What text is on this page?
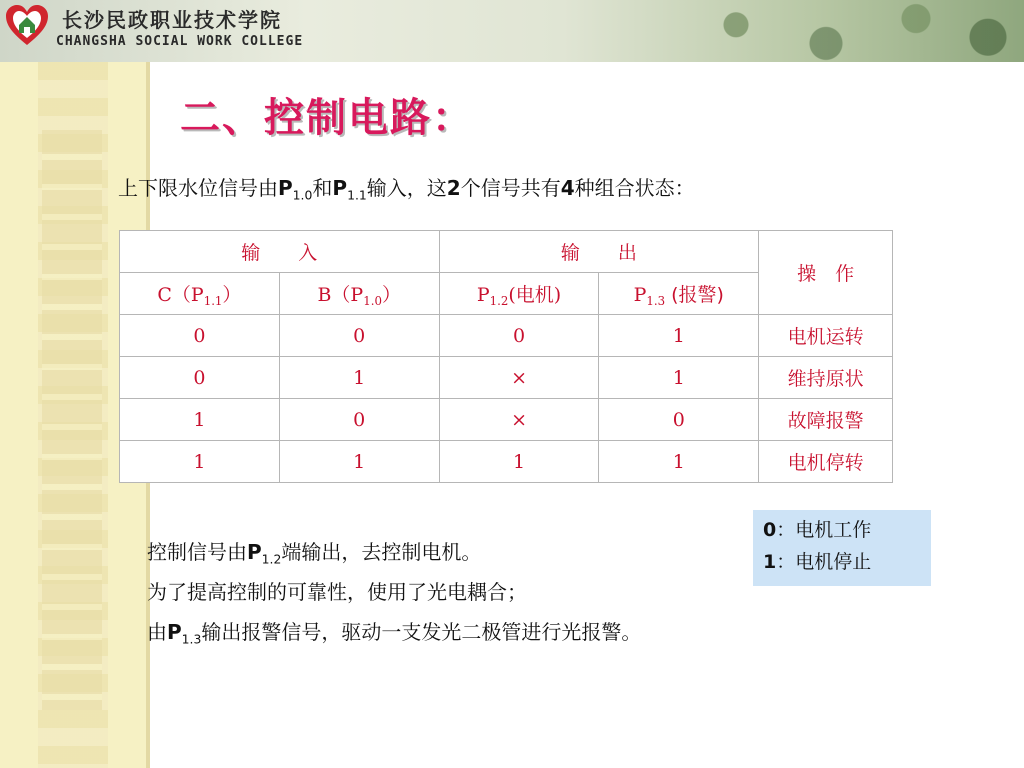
长沙民政职业技术学院
CHANGSHA SOCIAL WORK COLLEGE
二、控制电路：
上下限水位信号由$P_{1.0}$和$P_{1.1}$输入，这2个信号共有4种组合状态：
输　　入		输　　出		操　作
$C(P_{1.1})$	$B(P_{1.0})$	$P_{1.2}$(电机)	$P_{1.3}$ (报警)	
0	0	0	1	电机运转
0	1	×	1	维持原状
1	0	×	0	故障报警
1	1	1	1	电机停转
0：电机工作
1：电机停止
控制信号由$P_{1.2}$端输出，去控制电机。
为了提高控制的可靠性，使用了光电耦合；
由$P_{1.3}$输出报警信号，驱动一支发光二极管进行光报警。
